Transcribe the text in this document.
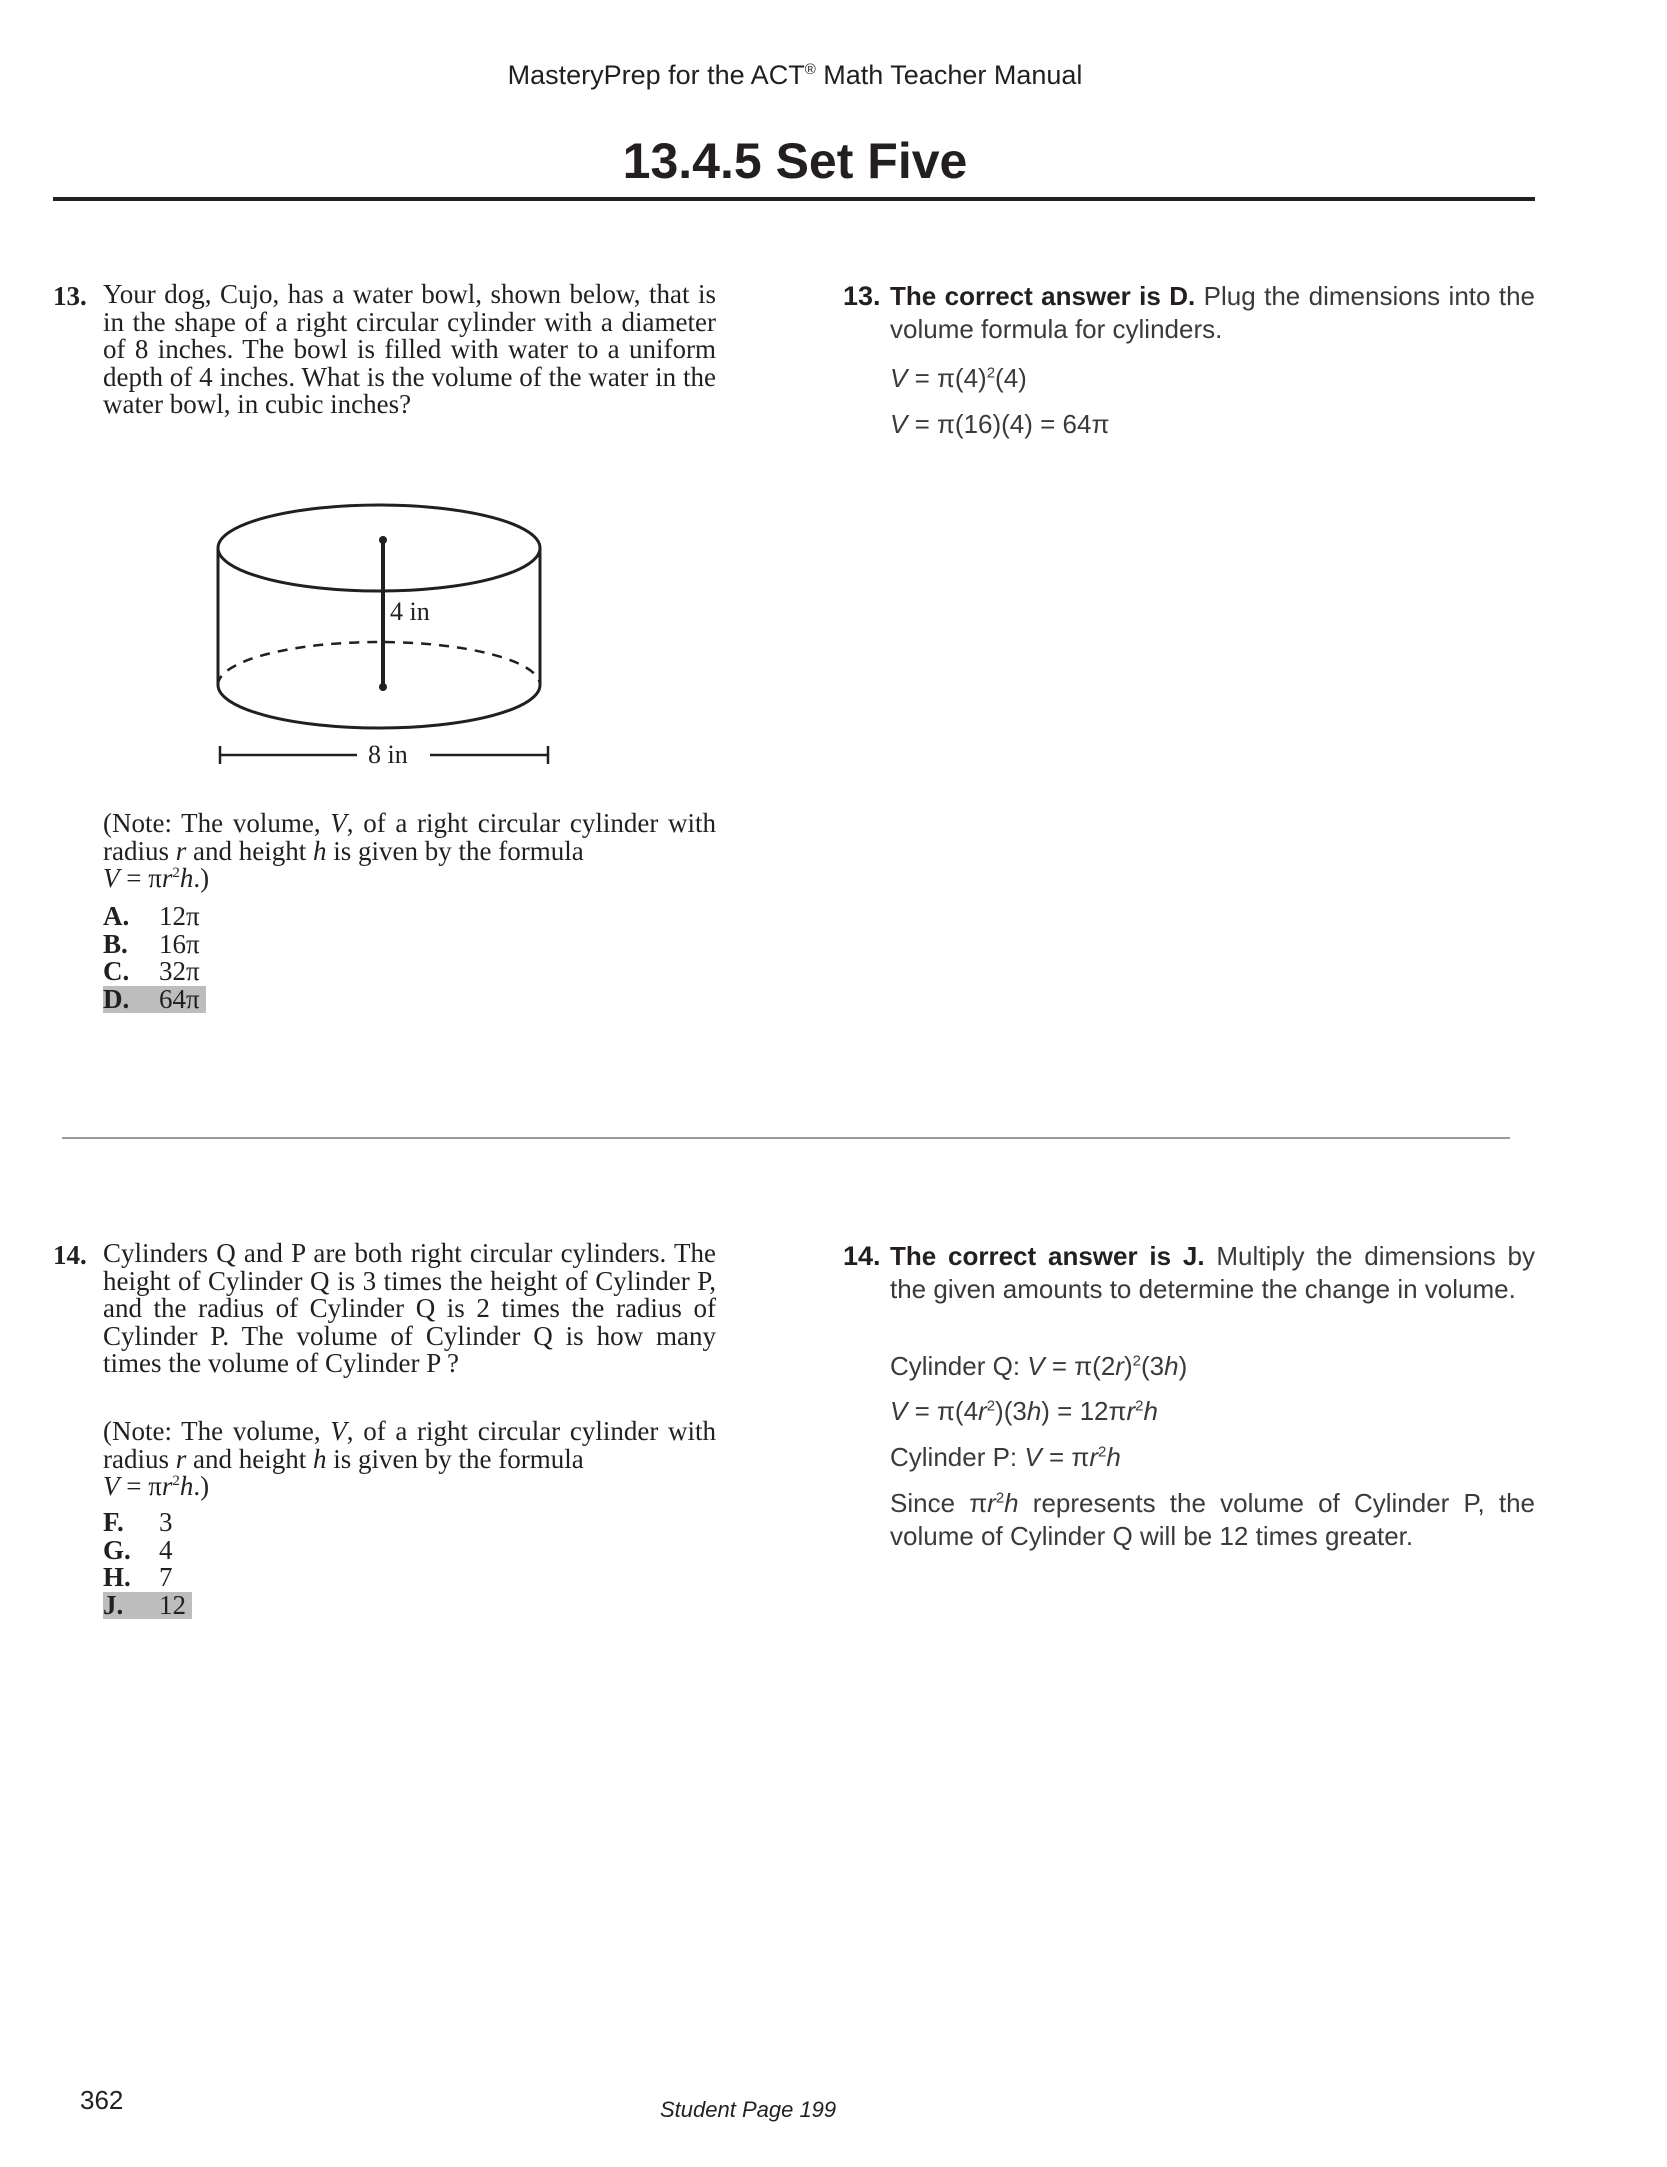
MasteryPrep for the ACT® Math Teacher Manual
13.4.5 Set Five
13. Your dog, Cujo, has a water bowl, shown below, that is in the shape of a right circular cylinder with a diameter of 8 inches. The bowl is filled with water to a uniform depth of 4 inches. What is the volume of the water in the water bowl, in cubic inches?
4 in
8 in
(Note: The volume, V, of a right circular cylinder with radius r and height h is given by the formula
$V = \pi r^2h$.)
A. 12π
B. 16π
C. 32π
D. 64π
13. The correct answer is D. Plug the dimensions into the volume formula for cylinders.
$V = \pi(4)^2(4)$
V = π(16)(4) = 64π
14. Cylinders Q and P are both right circular cylinders. The height of Cylinder Q is 3 times the height of Cylinder P, and the radius of Cylinder Q is 2 times the radius of Cylinder P. The volume of Cylinder Q is how many times the volume of Cylinder P ?
(Note: The volume, V, of a right circular cylinder with radius r and height h is given by the formula
$V = \pi r^2h$.)
F. 3
G. 4
H. 7
J. 12
14. The correct answer is J. Multiply the dimensions by the given amounts to determine the change in volume.
Cylinder Q: $V = \pi(2r)^2(3h)$
$V = \pi(4r^2)(3h) = 12\pi r^2h$
Cylinder P: $V = \pi r^2h$
Since $\pi r^2h$ represents the volume of Cylinder P, the volume of Cylinder Q will be 12 times greater.
362	Student Page 199
